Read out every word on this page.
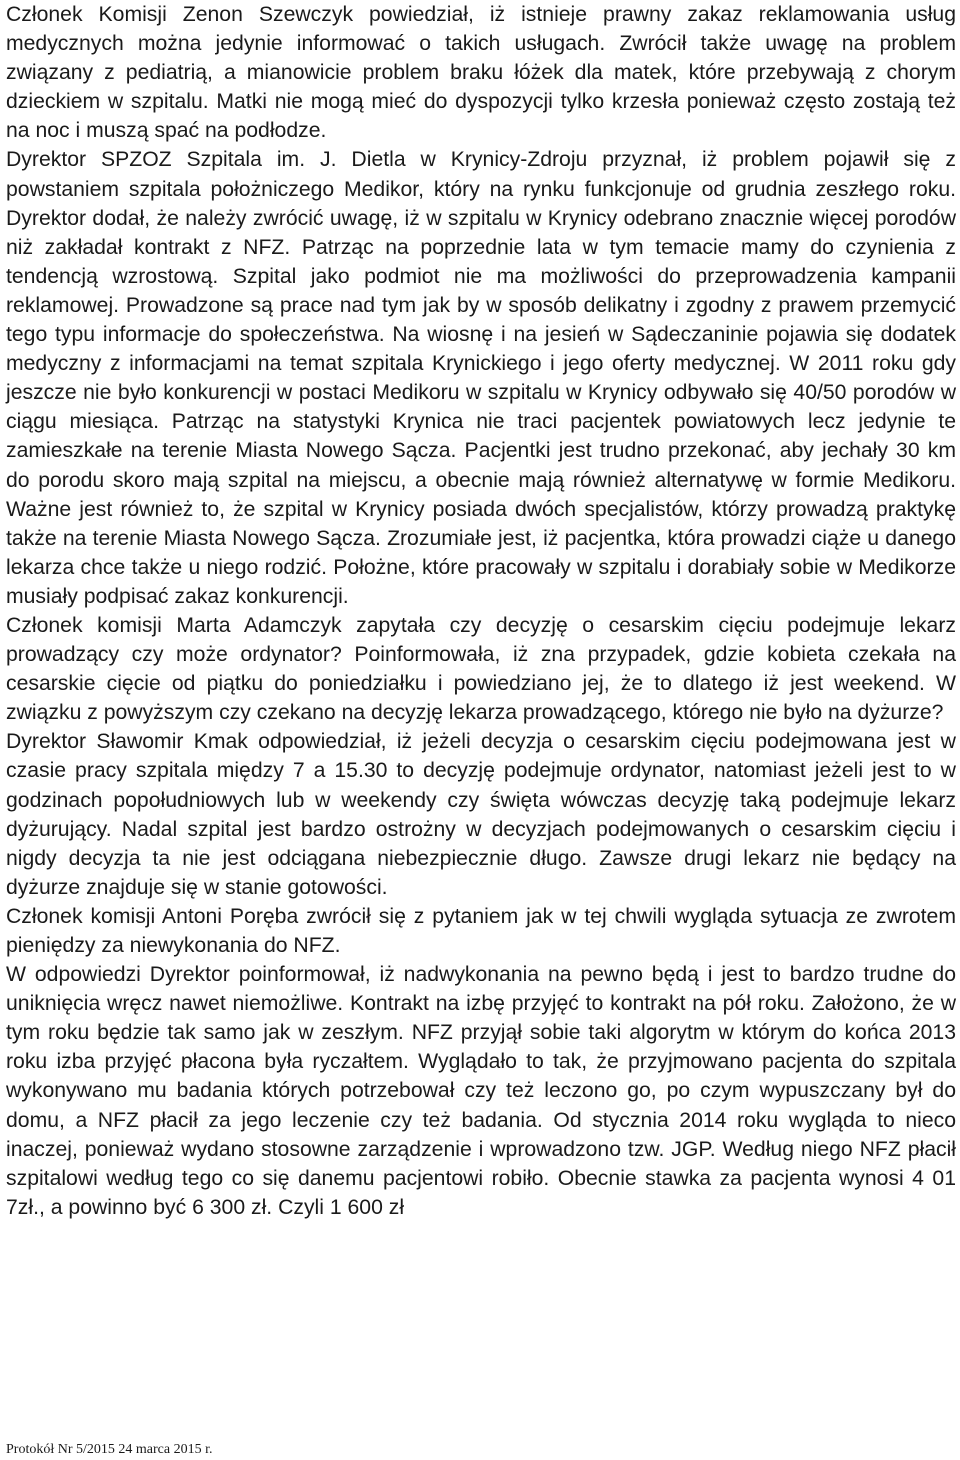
Członek Komisji Zenon Szewczyk powiedział, iż istnieje prawny zakaz reklamowania usług medycznych można jedynie informować o takich usługach. Zwrócił także uwagę na problem związany z pediatrią, a mianowicie problem braku łóżek dla matek, które przebywają z chorym dzieckiem w szpitalu. Matki nie mogą mieć do dyspozycji tylko krzesła ponieważ często zostają też na noc i muszą spać na podłodze.

Dyrektor SPZOZ Szpitala im. J. Dietla w Krynicy-Zdroju przyznał, iż problem pojawił się z powstaniem szpitala położniczego Medikor, który na rynku funkcjonuje od grudnia zeszłego roku. Dyrektor dodał, że należy zwrócić uwagę, iż w szpitalu w Krynicy odebrano znacznie więcej porodów niż zakładał kontrakt z NFZ. Patrząc na poprzednie lata w tym temacie mamy do czynienia z tendencją wzrostową. Szpital jako podmiot nie ma możliwości do przeprowadzenia kampanii reklamowej. Prowadzone są prace nad tym jak by w sposób delikatny i zgodny z prawem przemycić tego typu informacje do społeczeństwa. Na wiosnę i na jesień w Sądeczaninie pojawia się dodatek medyczny z informacjami na temat szpitala Krynickiego i jego oferty medycznej. W 2011 roku gdy jeszcze nie było konkurencji w postaci Medikoru w szpitalu w Krynicy odbywało się 40/50 porodów w ciągu miesiąca. Patrząc na statystyki Krynica nie traci pacjentek powiatowych lecz jedynie te zamieszkałe na terenie Miasta Nowego Sącza. Pacjentki jest trudno przekonać, aby jechały 30 km do porodu skoro mają szpital na miejscu, a obecnie mają również alternatywę w formie Medikoru. Ważne jest również to, że szpital w Krynicy posiada dwóch specjalistów, którzy prowadzą praktykę także na terenie Miasta Nowego Sącza. Zrozumiałe jest, iż pacjentka, która prowadzi ciąże u danego lekarza chce także u niego rodzić. Położne, które pracowały w szpitalu i dorabiały sobie w Medikorze musiały podpisać zakaz konkurencji.

Członek komisji Marta Adamczyk zapytała czy decyzję o cesarskim cięciu podejmuje lekarz prowadzący czy może ordynator? Poinformowała, iż zna przypadek, gdzie kobieta czekała na cesarskie cięcie od piątku do poniedziałku i powiedziano jej, że to dlatego iż jest weekend. W związku z powyższym czy czekano na decyzję lekarza prowadzącego, którego nie było na dyżurze?

Dyrektor Sławomir Kmak odpowiedział, iż jeżeli decyzja o cesarskim cięciu podejmowana jest w czasie pracy szpitala między 7 a 15.30 to decyzję podejmuje ordynator, natomiast jeżeli jest to w godzinach popołudniowych lub w weekendy czy święta wówczas decyzję taką podejmuje lekarz dyżurujący. Nadal szpital jest bardzo ostrożny w decyzjach podejmowanych o cesarskim cięciu i nigdy decyzja ta nie jest odciągana niebezpiecznie długo. Zawsze drugi lekarz nie będący na dyżurze znajduje się w stanie gotowości.

Członek komisji Antoni Poręba zwrócił się z pytaniem jak w tej chwili wygląda sytuacja ze zwrotem pieniędzy za niewykonania do NFZ.

W odpowiedzi Dyrektor poinformował, iż nadwykonania na pewno będą i jest to bardzo trudne do uniknięcia wręcz nawet niemożliwe. Kontrakt na izbę przyjęć to kontrakt na pół roku. Założono, że w tym roku będzie tak samo jak w zeszłym. NFZ przyjął sobie taki algorytm w którym do końca 2013 roku izba przyjęć płacona była ryczałtem. Wyglądało to tak, że przyjmowano pacjenta do szpitala wykonywano mu badania których potrzebował czy też leczono go, po czym wypuszczany był do domu, a NFZ płacił za jego leczenie czy też badania. Od stycznia 2014 roku wygląda to nieco inaczej, ponieważ wydano stosowne zarządzenie i wprowadzono tzw. JGP. Według niego NFZ płacił szpitalowi według tego co się danemu pacjentowi robiło. Obecnie stawka za pacjenta wynosi 4 01 7zł., a powinno być 6 300 zł. Czyli 1 600 zł

Protokół Nr 5/2015 24 marca 2015 r.
